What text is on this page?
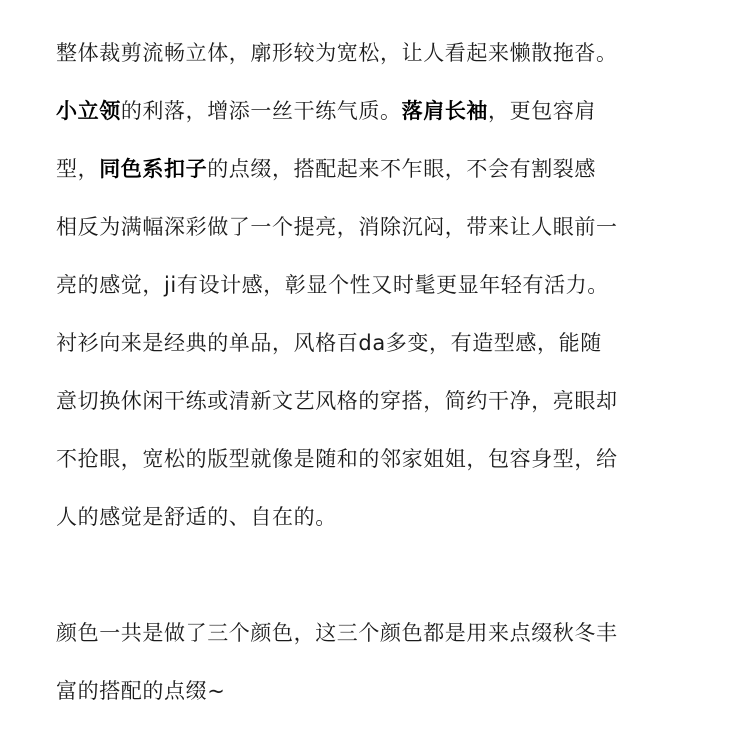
整体裁剪流畅立体，廓形较为宽松，让人看起来懒散拖沓。
小立领的利落，增添一丝干练气质。落肩长袖，更包容肩
型，同色系扣子的点缀，搭配起来不乍眼，不会有割裂感
相反为满幅深彩做了一个提亮，消除沉闷，带来让人眼前一
亮的感觉，ji有设计感，彰显个性又时髦更显年轻有活力。
衬衫向来是经典的单品，风格百da多变，有造型感，能随
意切换休闲干练或清新文艺风格的穿搭，简约干净，亮眼却
不抢眼，宽松的版型就像是随和的邻家姐姐，包容身型，给
人的感觉是舒适的、自在的。

颜色一共是做了三个颜色，这三个颜色都是用来点缀秋冬丰
富的搭配的点缀~
